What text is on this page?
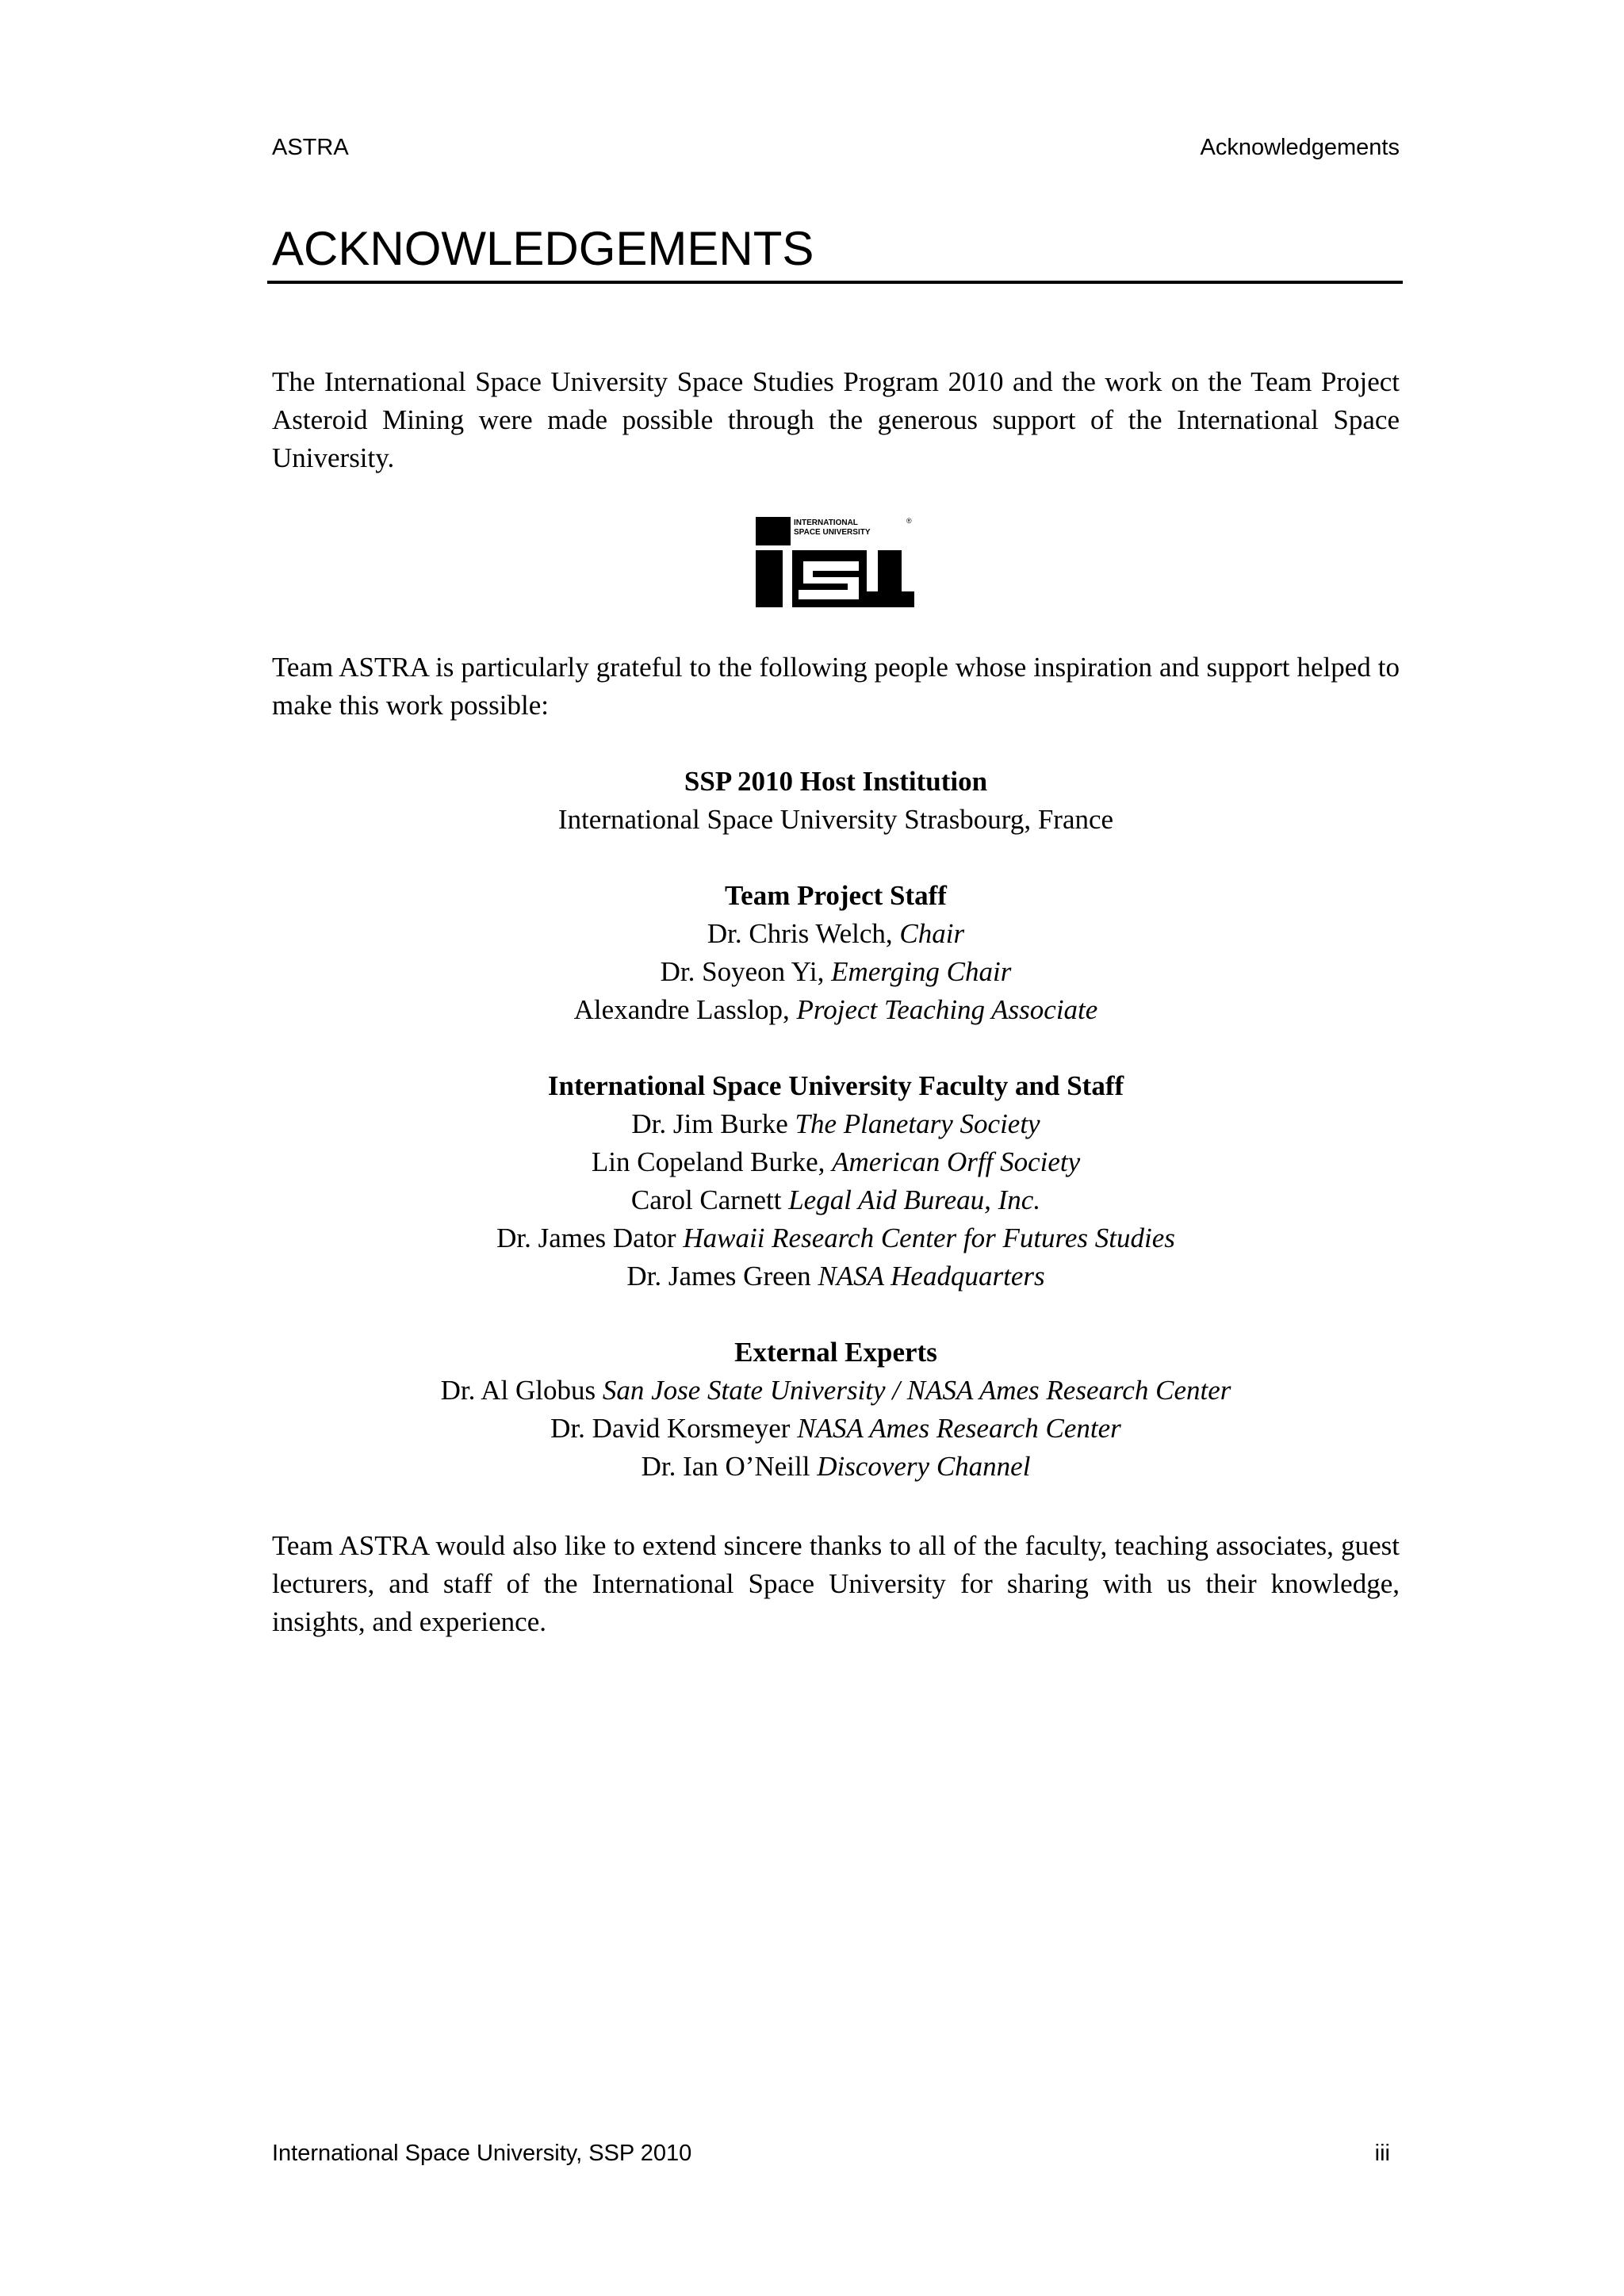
ASTRA	Acknowledgements
ACKNOWLEDGEMENTS

The International Space University Space Studies Program 2010 and the work on the Team Project Asteroid Mining were made possible through the generous support of the International Space University.

INTERNATIONAL
SPACE UNIVERSITY
®

Team ASTRA is particularly grateful to the following people whose inspiration and support helped to make this work possible:

SSP 2010 Host Institution
International Space University Strasbourg, France
Team Project Staff
Dr. Chris Welch, Chair
Dr. Soyeon Yi, Emerging Chair
Alexandre Lasslop, Project Teaching Associate
International Space University Faculty and Staff
Dr. Jim Burke The Planetary Society
Lin Copeland Burke, American Orff Society
Carol Carnett Legal Aid Bureau, Inc.
Dr. James Dator Hawaii Research Center for Futures Studies
Dr. James Green NASA Headquarters
External Experts
Dr. Al Globus San Jose State University / NASA Ames Research Center
Dr. David Korsmeyer NASA Ames Research Center
Dr. Ian O’Neill Discovery Channel

Team ASTRA would also like to extend sincere thanks to all of the faculty, teaching associates, guest lecturers, and staff of the International Space University for sharing with us their knowledge, insights, and experience.

International Space University, SSP 2010	iii
